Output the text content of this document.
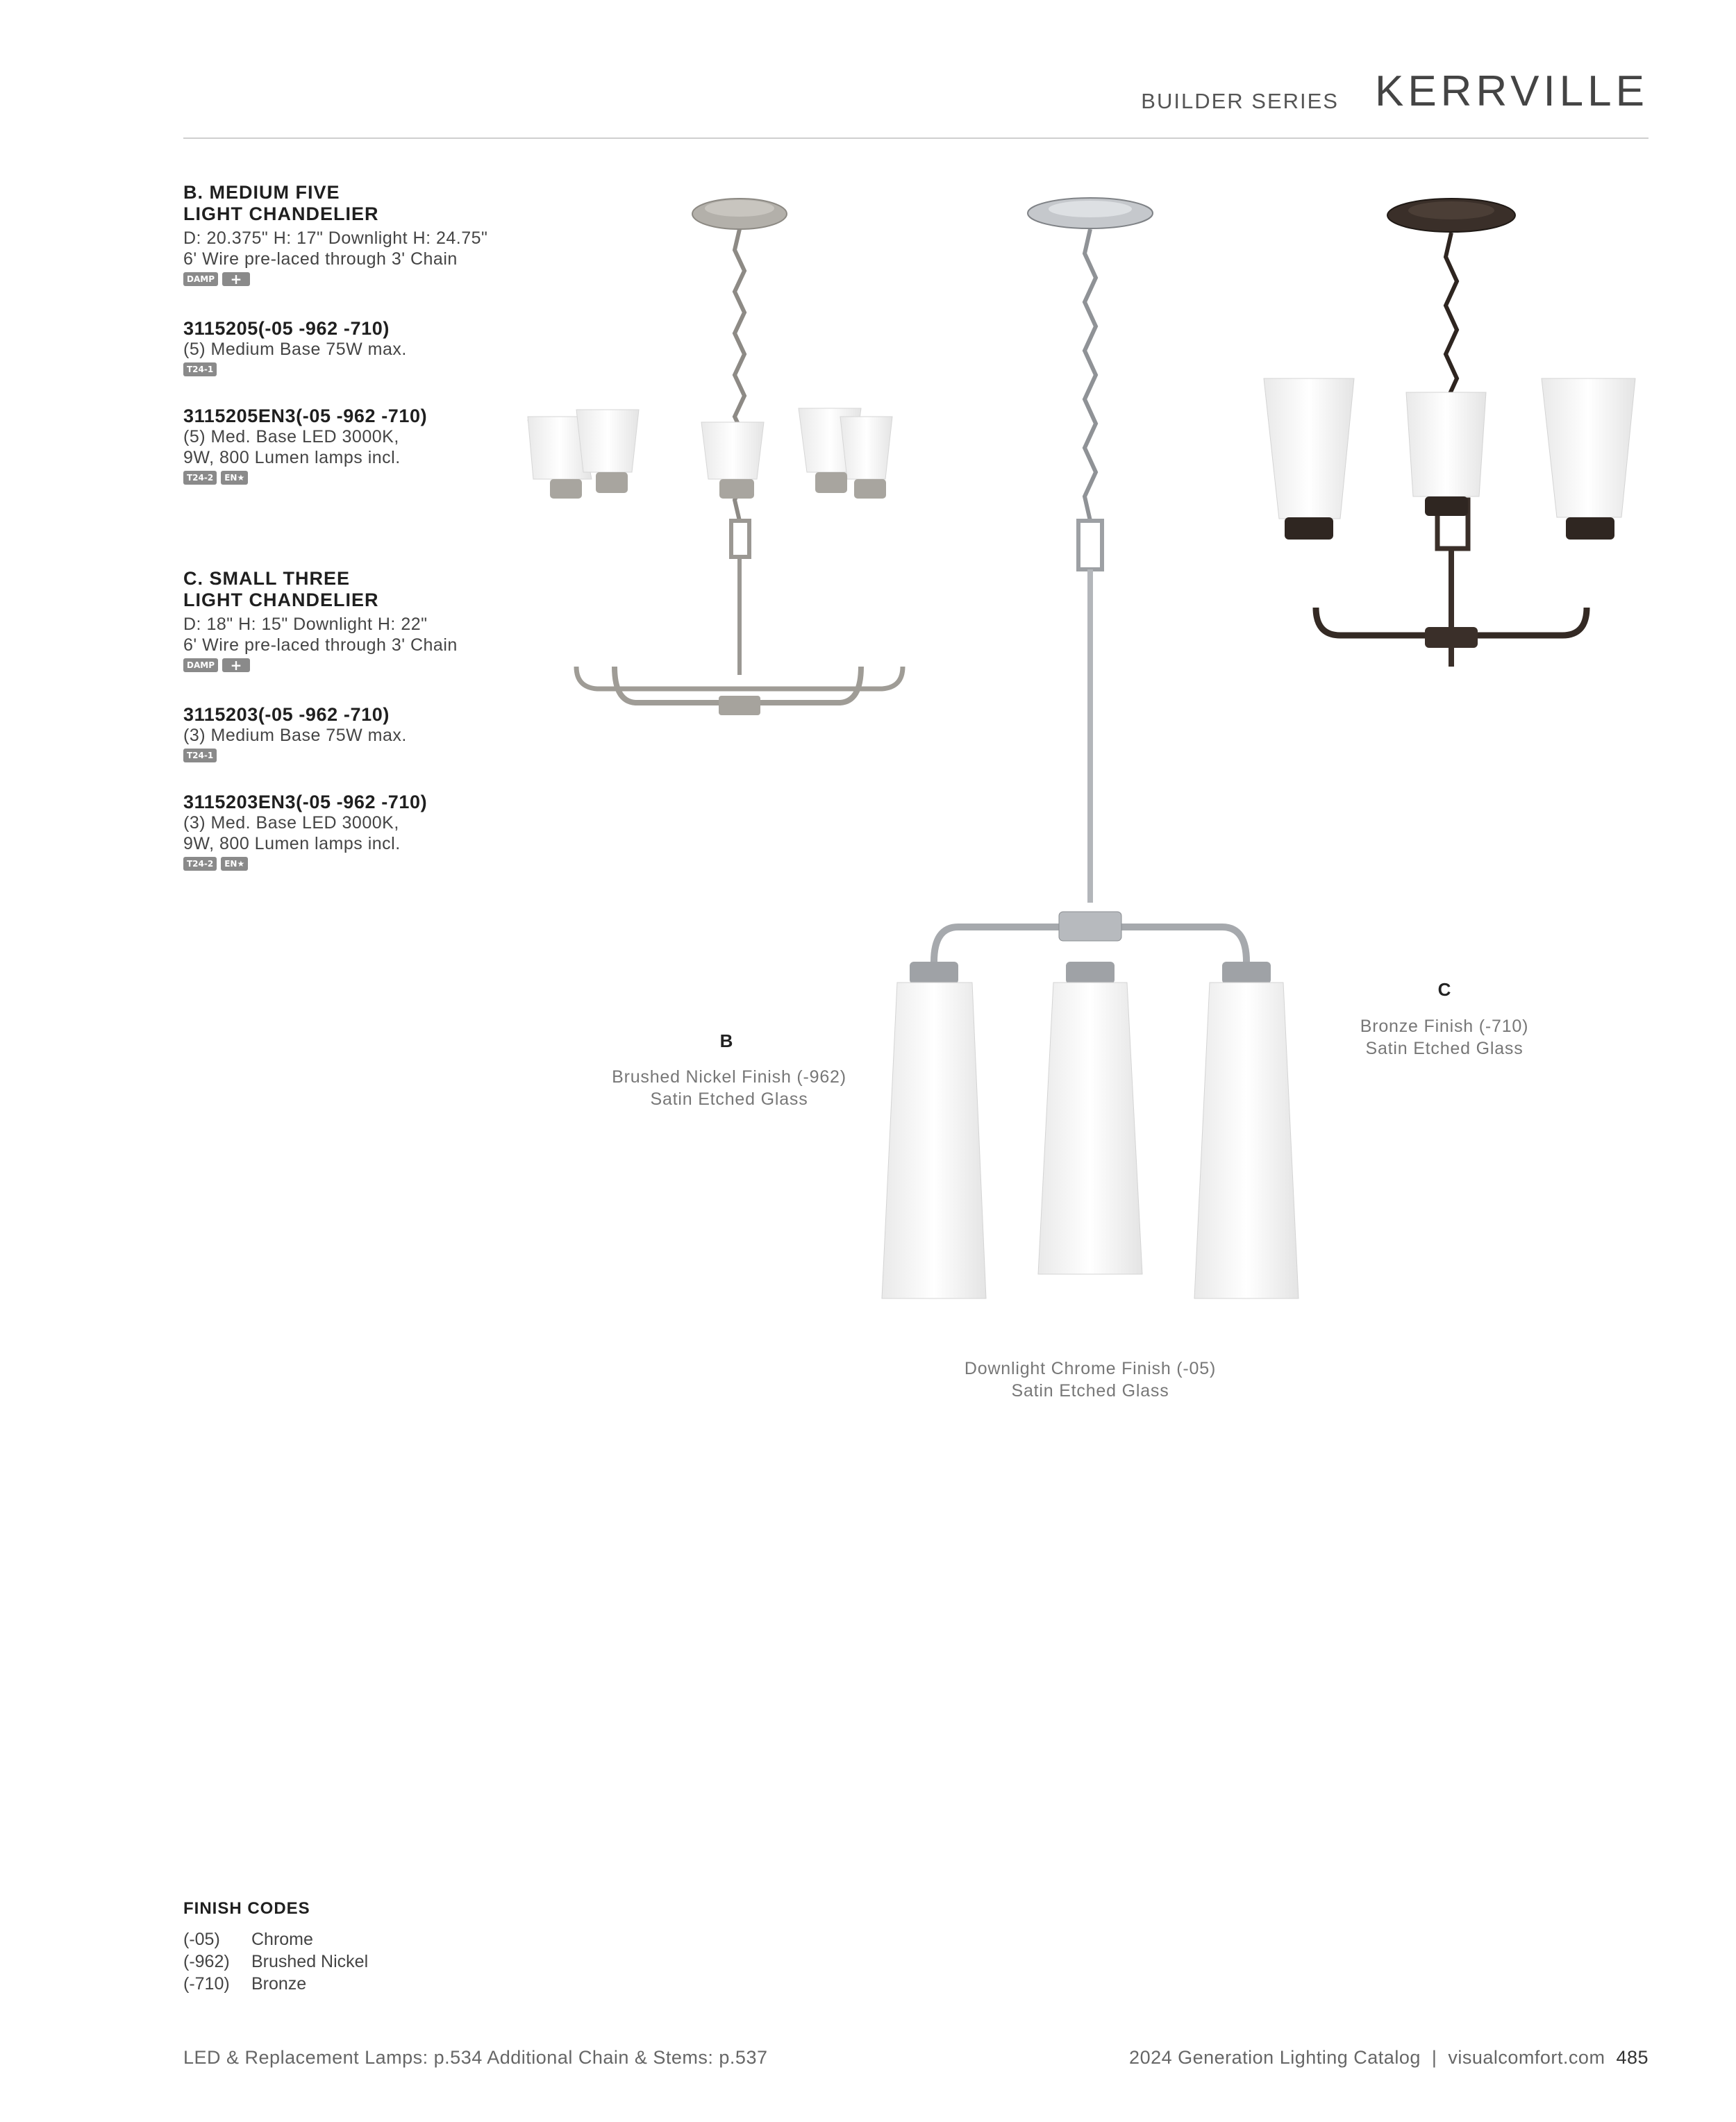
BUILDER SERIES KERRVILLE
B. MEDIUM FIVE
LIGHT CHANDELIER
D: 20.375" H: 17" Downlight H: 24.75"
6' Wire pre-laced through 3' Chain
DAMP	+
3115205(-05 -962 -710)
(5) Medium Base 75W max.
T24-1
3115205EN3(-05 -962 -710)
(5) Med. Base LED 3000K,
9W, 800 Lumen lamps incl.
T24-2	EN★
C. SMALL THREE
LIGHT CHANDELIER
D: 18" H: 15" Downlight H: 22"
6' Wire pre-laced through 3' Chain
DAMP	+
3115203(-05 -962 -710)
(3) Medium Base 75W max.
T24-1
3115203EN3(-05 -962 -710)
(3) Med. Base LED 3000K,
9W, 800 Lumen lamps incl.
T24-2	EN★
B
Brushed Nickel Finish (-962)
Satin Etched Glass
Downlight Chrome Finish (-05)
Satin Etched Glass
C
Bronze Finish (-710)
Satin Etched Glass
FINISH CODES
(-05)	Chrome
(-962)	Brushed Nickel
(-710)	Bronze
LED & Replacement Lamps: p.534 Additional Chain & Stems: p.537	2024 Generation Lighting Catalog | visualcomfort.com 485
